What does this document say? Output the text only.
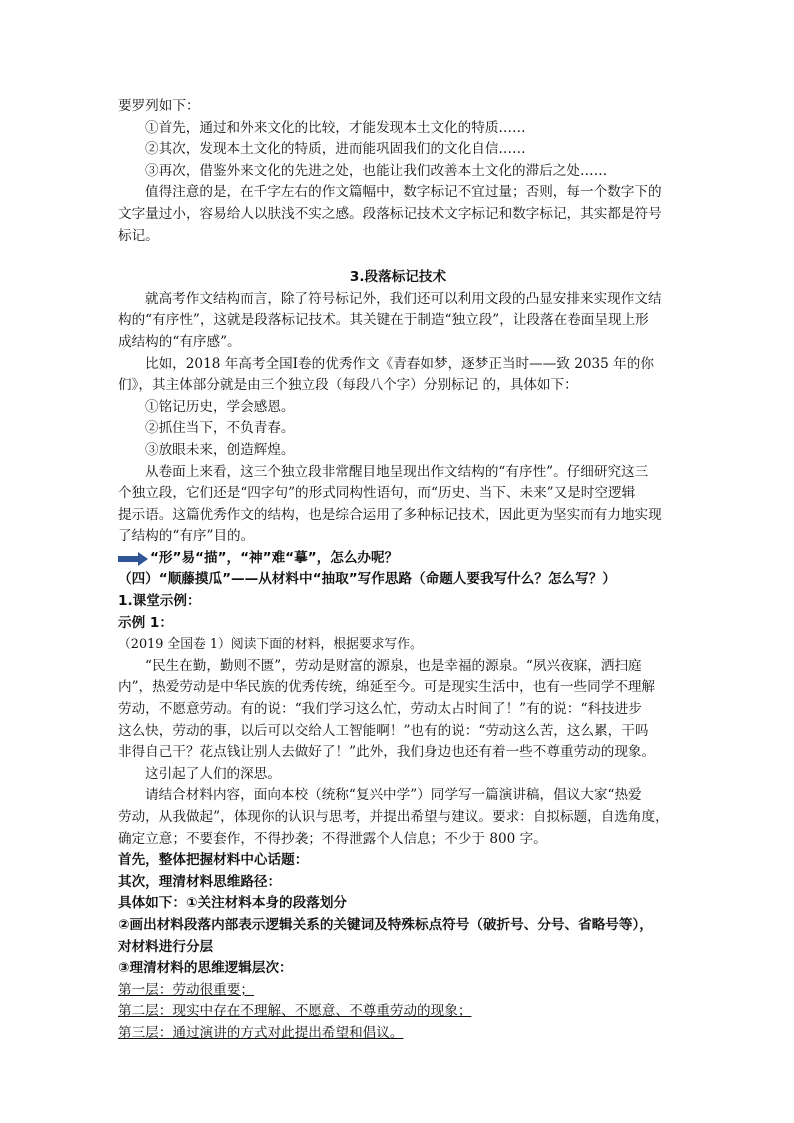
要罗列如下：
①首先，通过和外来文化的比较，才能发现本土文化的特质……
②其次，发现本土文化的特质，进而能巩固我们的文化自信……
③再次，借鉴外来文化的先进之处，也能让我们改善本土文化的滞后之处……
值得注意的是，在千字左右的作文篇幅中，数字标记不宜过量；否则，每一个数字下的
文字量过小，容易给人以肤浅不实之感。段落标记技术文字标记和数字标记，其实都是符号
标记。
3.段落标记技术
就高考作文结构而言，除了符号标记外，我们还可以利用文段的凸显安排来实现作文结
构的“有序性”，这就是段落标记技术。其关键在于制造“独立段”，让段落在卷面呈现上形
成结构的“有序感”。
比如，2018 年高考全国Ⅰ卷的优秀作文《青春如梦，逐梦正当时——致 2035 年的你
们》，其主体部分就是由三个独立段（每段八个字）分别标记 的，具体如下：
①铭记历史，学会感恩。
②抓住当下，不负青春。
③放眼未来，创造辉煌。
从卷面上来看，这三个独立段非常醒目地呈现出作文结构的“有序性”。仔细研究这三
个独立段，它们还是“四字句”的形式同构性语句，而“历史、当下、未来”又是时空逻辑
提示语。这篇优秀作文的结构，也是综合运用了多种标记技术，因此更为坚实而有力地实现
了结构的“有序”目的。
“形”易“描”，“神”难“摹”，怎么办呢？
（四）“顺藤摸瓜”——从材料中“抽取”写作思路（命题人要我写什么？怎么写？）
1.课堂示例：
示例 1：
（2019 全国卷 1）阅读下面的材料，根据要求写作。
“民生在勤，勤则不匮”，劳动是财富的源泉，也是幸福的源泉。“夙兴夜寐，洒扫庭
内”，热爱劳动是中华民族的优秀传统，绵延至今。可是现实生活中，也有一些同学不理解
劳动，不愿意劳动。有的说：“我们学习这么忙，劳动太占时间了！”有的说：“科技进步
这么快，劳动的事，以后可以交给人工智能啊！”也有的说：“劳动这么苦，这么累，干吗
非得自己干？花点钱让别人去做好了！”此外，我们身边也还有着一些不尊重劳动的现象。
这引起了人们的深思。
请结合材料内容，面向本校（统称“复兴中学”）同学写一篇演讲稿，倡议大家“热爱
劳动，从我做起”，体现你的认识与思考，并提出希望与建议。要求：自拟标题，自选角度，
确定立意；不要套作，不得抄袭；不得泄露个人信息；不少于 800 字。
首先，整体把握材料中心话题：
其次，理清材料思维路径：
具体如下：①关注材料本身的段落划分
②画出材料段落内部表示逻辑关系的关键词及特殊标点符号（破折号、分号、省略号等），
对材料进行分层
③理清材料的思维逻辑层次：
第一层：劳动很重要；
第二层：现实中存在不理解、不愿意、不尊重劳动的现象；
第三层：通过演讲的方式对此提出希望和倡议。
